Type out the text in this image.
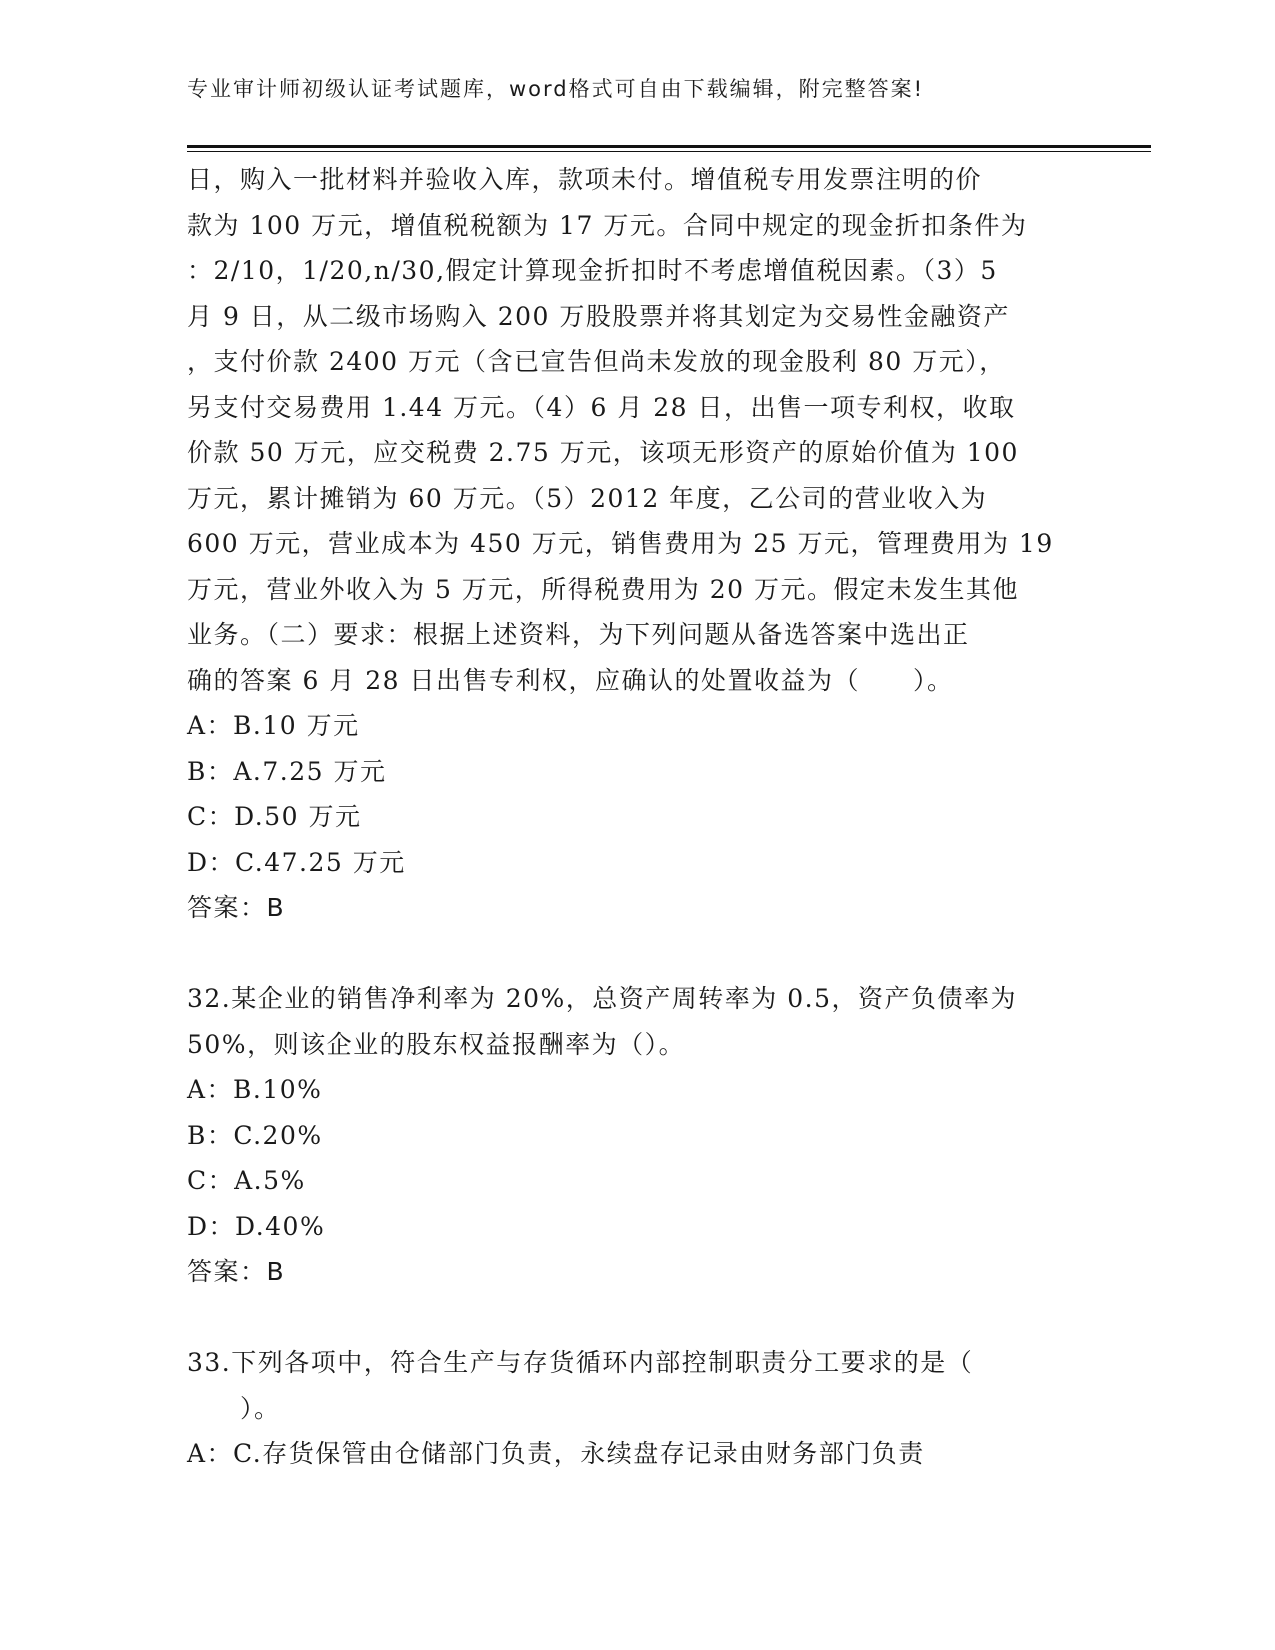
专业审计师初级认证考试题库，word格式可自由下载编辑，附完整答案!
日，购入一批材料并验收入库，款项未付。增值税专用发票注明的价
款为 100 万元，增值税税额为 17 万元。合同中规定的现金折扣条件为
：2/10，1/20,n/30,假定计算现金折扣时不考虑增值税因素。（3）5
月 9 日，从二级市场购入 200 万股股票并将其划定为交易性金融资产
，支付价款 2400 万元（含已宣告但尚未发放的现金股利 80 万元），
另支付交易费用 1.44 万元。（4）6 月 28 日，出售一项专利权，收取
价款 50 万元，应交税费 2.75 万元，该项无形资产的原始价值为 100
万元，累计摊销为 60 万元。（5）2012 年度，乙公司的营业收入为
600 万元，营业成本为 450 万元，销售费用为 25 万元，管理费用为 19
万元，营业外收入为 5 万元，所得税费用为 20 万元。假定未发生其他
业务。（二）要求：根据上述资料，为下列问题从备选答案中选出正
确的答案 6 月 28 日出售专利权，应确认的处置收益为（　　）。
A：B.10 万元
B：A.7.25 万元
C：D.50 万元
D：C.47.25 万元
答案：B
32.某企业的销售净利率为 20%，总资产周转率为 0.5，资产负债率为
50%，则该企业的股东权益报酬率为（）。
A：B.10%
B：C.20%
C：A.5%
D：D.40%
答案：B
33.下列各项中，符合生产与存货循环内部控制职责分工要求的是（
　　）。
A：C.存货保管由仓储部门负责，永续盘存记录由财务部门负责
